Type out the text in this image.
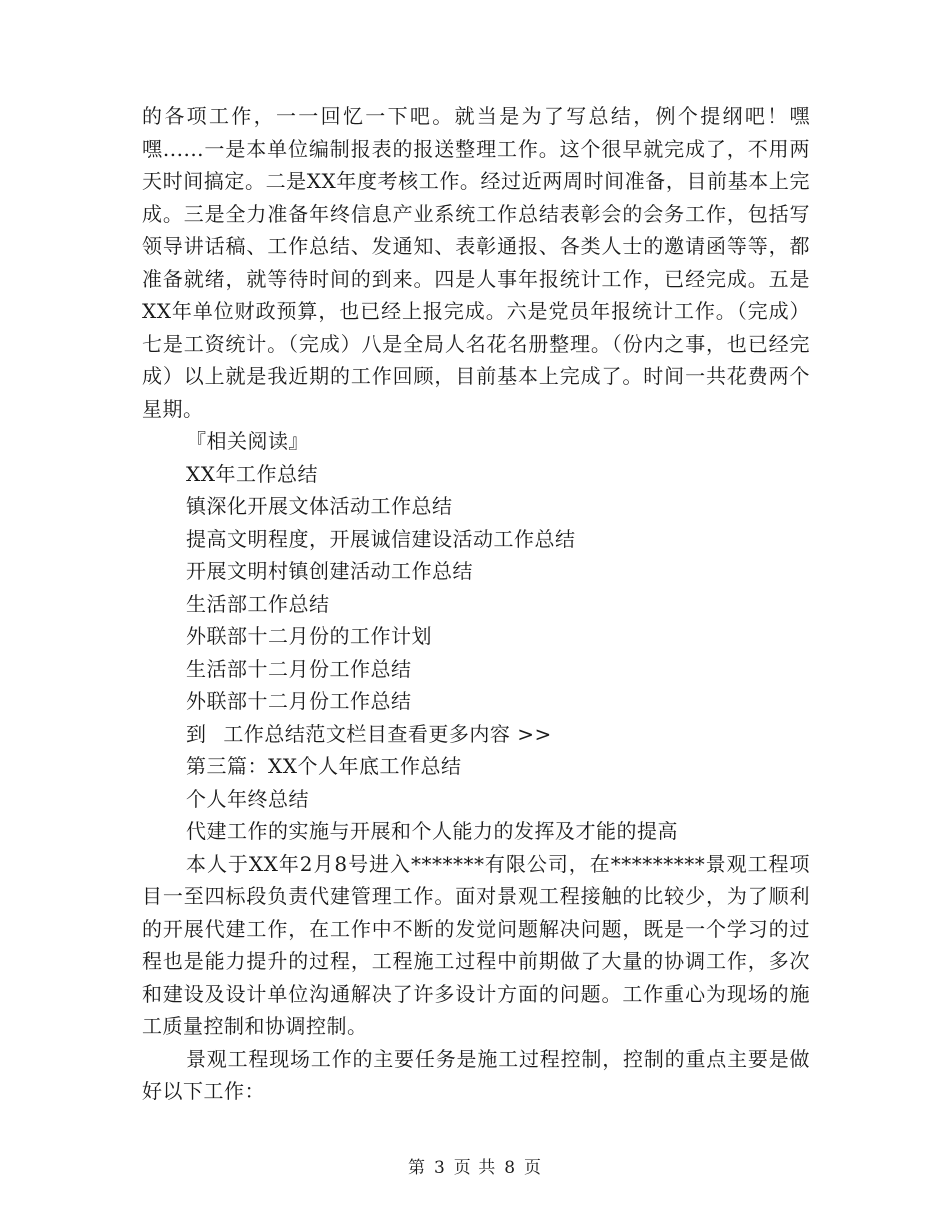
的各项工作，一一回忆一下吧。就当是为了写总结，例个提纲吧！嘿嘿......一是本单位编制报表的报送整理工作。这个很早就完成了，不用两天时间搞定。二是XX年度考核工作。经过近两周时间准备，目前基本上完成。三是全力准备年终信息产业系统工作总结表彰会的会务工作，包括写领导讲话稿、工作总结、发通知、表彰通报、各类人士的邀请函等等，都准备就绪，就等待时间的到来。四是人事年报统计工作，已经完成。五是XX年单位财政预算，也已经上报完成。六是党员年报统计工作。（完成）七是工资统计。（完成）八是全局人名花名册整理。（份内之事，也已经完成）以上就是我近期的工作回顾，目前基本上完成了。时间一共花费两个星期。

『相关阅读』

XX年工作总结

镇深化开展文体活动工作总结

提高文明程度，开展诚信建设活动工作总结

开展文明村镇创建活动工作总结

生活部工作总结

外联部十二月份的工作计划

生活部十二月份工作总结

外联部十二月份工作总结

到 工作总结范文栏目查看更多内容 >>

第三篇：XX个人年底工作总结

个人年终总结

代建工作的实施与开展和个人能力的发挥及才能的提高

本人于XX年2月8号进入*******有限公司，在*********景观工程项目一至四标段负责代建管理工作。面对景观工程接触的比较少，为了顺利的开展代建工作，在工作中不断的发觉问题解决问题，既是一个学习的过程也是能力提升的过程，工程施工过程中前期做了大量的协调工作，多次和建设及设计单位沟通解决了许多设计方面的问题。工作重心为现场的施工质量控制和协调控制。

景观工程现场工作的主要任务是施工过程控制，控制的重点主要是做好以下工作：

第 3 页 共 8 页
